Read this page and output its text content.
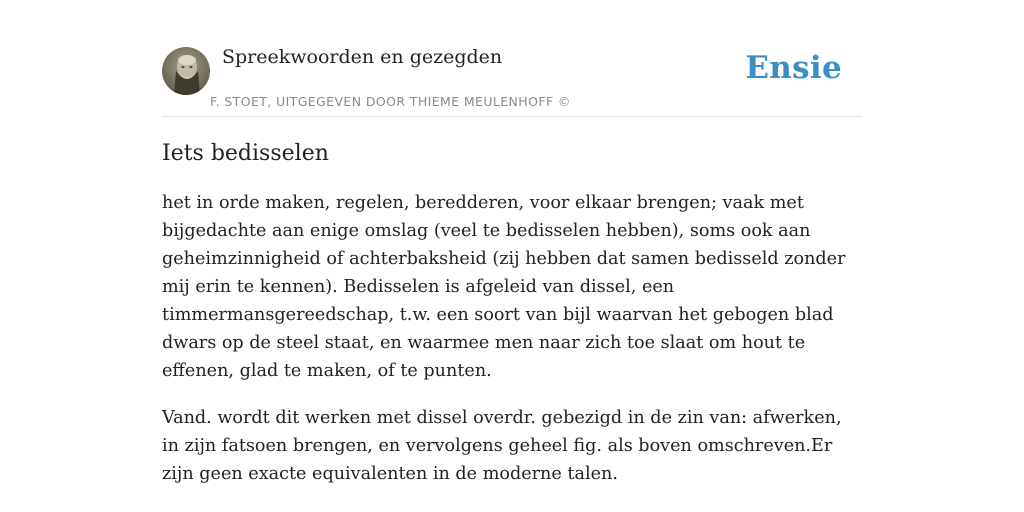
Spreekwoorden en gezegden
F. STOET, UITGEGEVEN DOOR THIEME MEULENHOFF ©
Ensie
Iets bedisselen

het in orde maken, regelen, beredderen, voor elkaar brengen; vaak met bijgedachte aan enige omslag (veel te bedisselen hebben), soms ook aan geheimzinnigheid of achterbaksheid (zij hebben dat samen bedisseld zonder mij erin te kennen). Bedisselen is afgeleid van dissel, een timmermansgereedschap, t.w. een soort van bijl waarvan het gebogen blad dwars op de steel staat, en waarmee men naar zich toe slaat om hout te effenen, glad te maken, of te punten.

Vand. wordt dit werken met dissel overdr. gebezigd in de zin van: afwerken, in zijn fatsoen brengen, en vervolgens geheel fig. als boven omschreven.Er zijn geen exacte equivalenten in de moderne talen.
